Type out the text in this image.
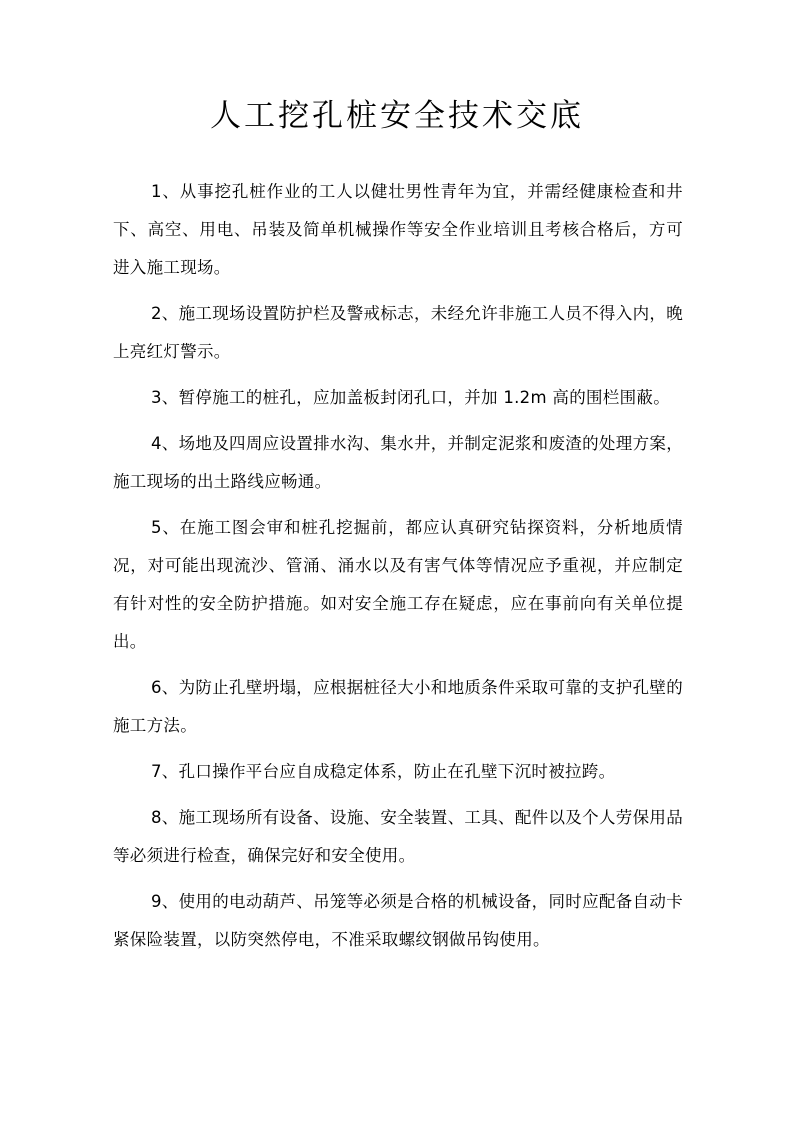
人工挖孔桩安全技术交底

1、从事挖孔桩作业的工人以健壮男性青年为宜，并需经健康检查和井下、高空、用电、吊装及简单机械操作等安全作业培训且考核合格后，方可进入施工现场。

2、施工现场设置防护栏及警戒标志，未经允许非施工人员不得入内，晚上亮红灯警示。

3、暂停施工的桩孔，应加盖板封闭孔口，并加 1.2m 高的围栏围蔽。

4、场地及四周应设置排水沟、集水井，并制定泥浆和废渣的处理方案，施工现场的出土路线应畅通。

5、在施工图会审和桩孔挖掘前，都应认真研究钻探资料，分析地质情况，对可能出现流沙、管涌、涌水以及有害气体等情况应予重视，并应制定有针对性的安全防护措施。如对安全施工存在疑虑，应在事前向有关单位提出。

6、为防止孔壁坍塌，应根据桩径大小和地质条件采取可靠的支护孔壁的施工方法。

7、孔口操作平台应自成稳定体系，防止在孔壁下沉时被拉跨。

8、施工现场所有设备、设施、安全装置、工具、配件以及个人劳保用品等必须进行检查，确保完好和安全使用。

9、使用的电动葫芦、吊笼等必须是合格的机械设备，同时应配备自动卡紧保险装置，以防突然停电，不准采取螺纹钢做吊钩使用。
